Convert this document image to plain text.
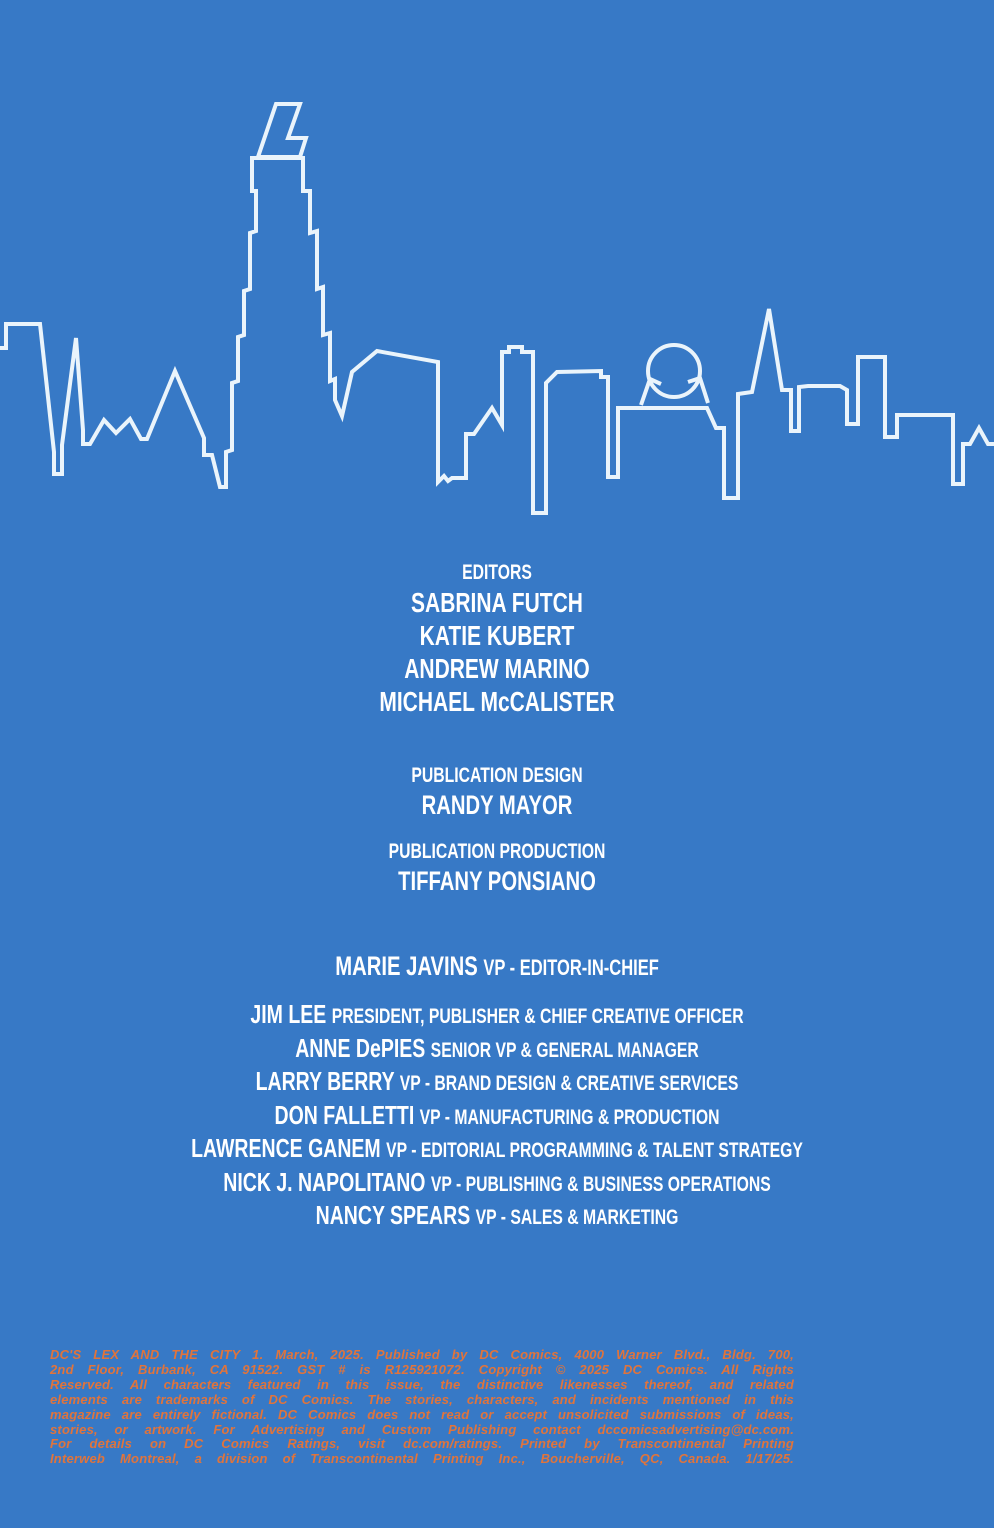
EDITORS
SABRINA FUTCH
KATIE KUBERT
ANDREW MARINO
MICHAEL McCALISTER
PUBLICATION DESIGN
RANDY MAYOR
PUBLICATION PRODUCTION
TIFFANY PONSIANO
MARIE JAVINS VP - EDITOR-IN-CHIEF
JIM LEE PRESIDENT, PUBLISHER & CHIEF CREATIVE OFFICER
ANNE DePIES SENIOR VP & GENERAL MANAGER
LARRY BERRY VP - BRAND DESIGN & CREATIVE SERVICES
DON FALLETTI VP - MANUFACTURING & PRODUCTION
LAWRENCE GANEM VP - EDITORIAL PROGRAMMING & TALENT STRATEGY
NICK J. NAPOLITANO VP - PUBLISHING & BUSINESS OPERATIONS
NANCY SPEARS VP - SALES & MARKETING
DC'S LEX AND THE CITY 1. March, 2025. Published by DC Comics, 4000 Warner Blvd., Bldg. 700,
2nd Floor, Burbank, CA 91522. GST # is R125921072. Copyright © 2025 DC Comics. All Rights
Reserved. All characters featured in this issue, the distinctive likenesses thereof, and related
elements are trademarks of DC Comics. The stories, characters, and incidents mentioned in this
magazine are entirely fictional. DC Comics does not read or accept unsolicited submissions of ideas,
stories, or artwork. For Advertising and Custom Publishing contact dccomicsadvertising@dc.com.
For details on DC Comics Ratings, visit dc.com/ratings. Printed by Transcontinental Printing
Interweb Montreal, a division of Transcontinental Printing Inc., Boucherville, QC, Canada. 1/17/25.
